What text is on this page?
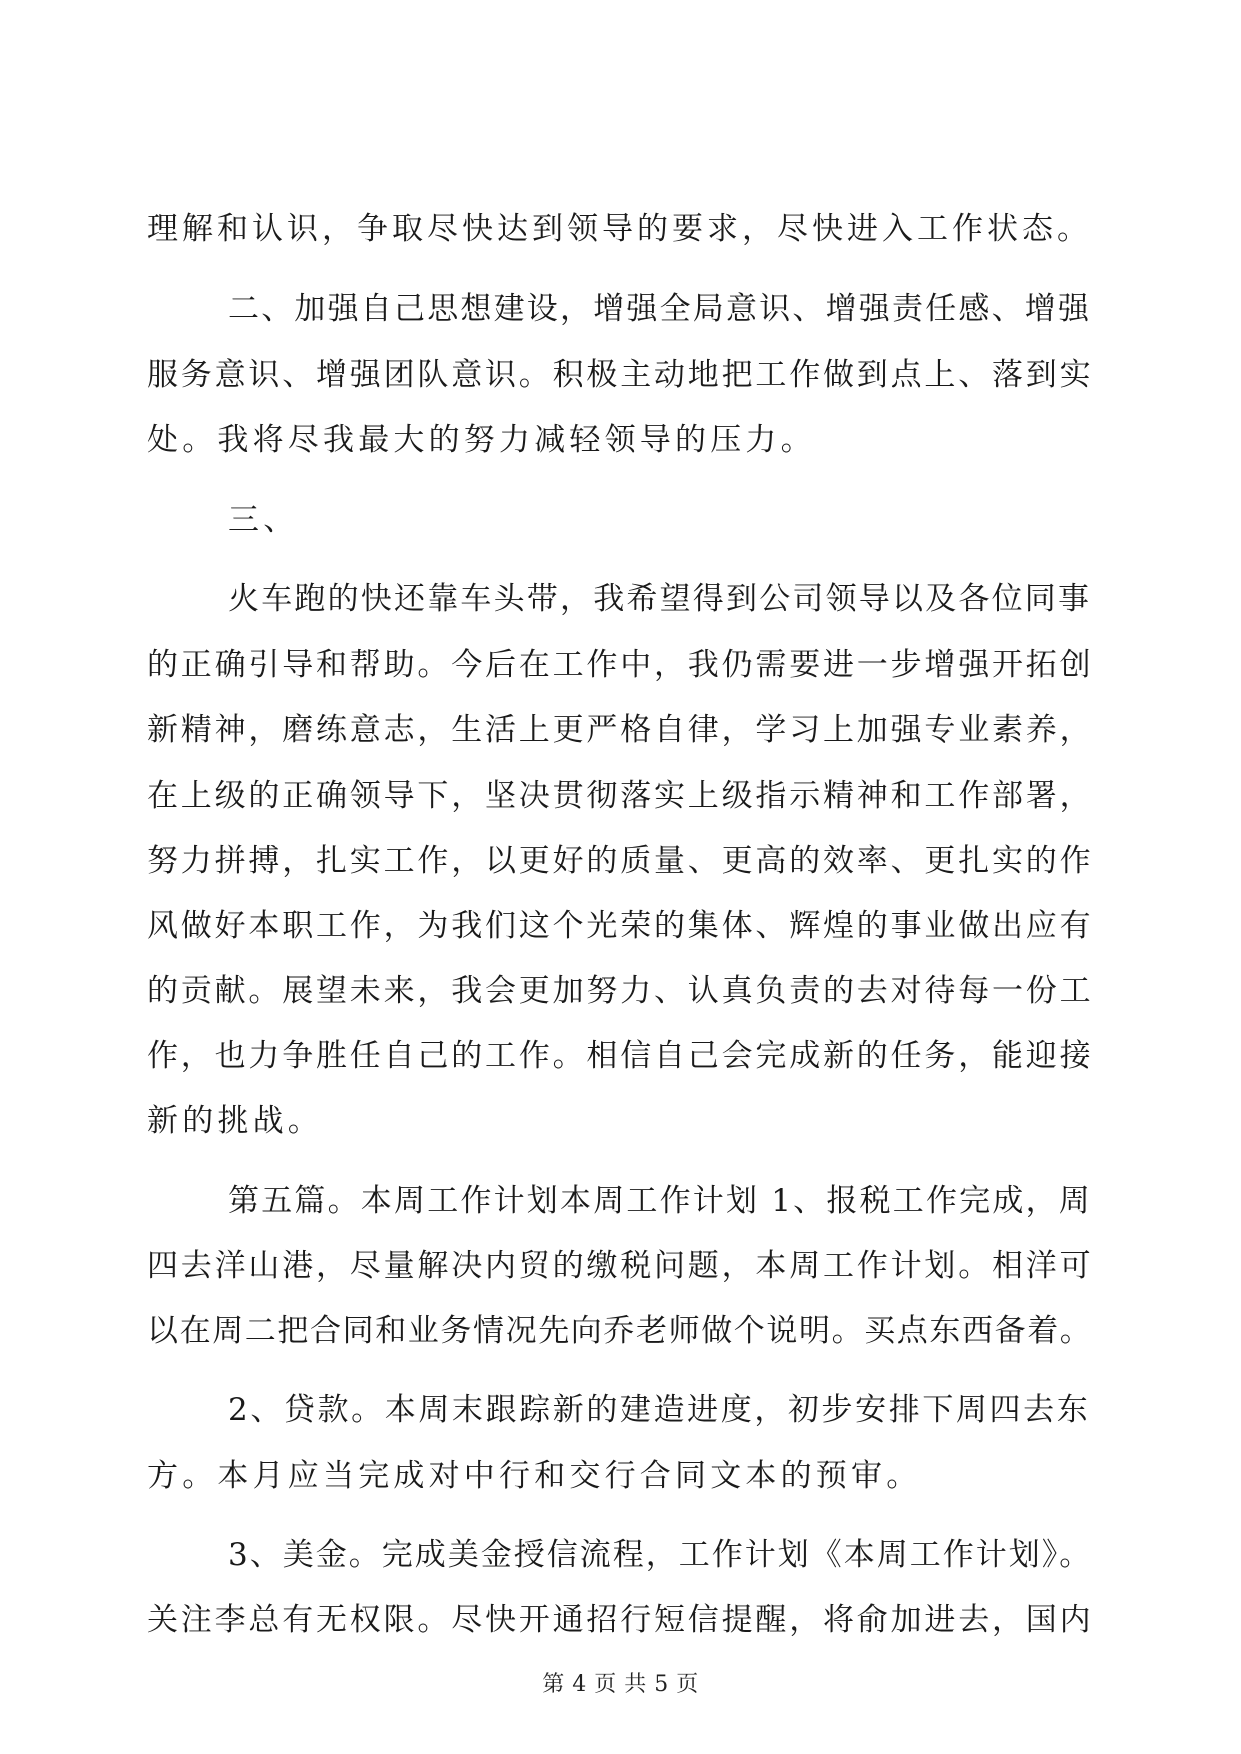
理解和认识，争取尽快达到领导的要求，尽快进入工作状态。
二、加强自己思想建设，增强全局意识、增强责任感、增强
服务意识、增强团队意识。积极主动地把工作做到点上、落到实
处。我将尽我最大的努力减轻领导的压力。
三、
火车跑的快还靠车头带，我希望得到公司领导以及各位同事
的正确引导和帮助。今后在工作中，我仍需要进一步增强开拓创
新精神，磨练意志，生活上更严格自律，学习上加强专业素养，
在上级的正确领导下，坚决贯彻落实上级指示精神和工作部署，
努力拼搏，扎实工作，以更好的质量、更高的效率、更扎实的作
风做好本职工作，为我们这个光荣的集体、辉煌的事业做出应有
的贡献。展望未来，我会更加努力、认真负责的去对待每一份工
作，也力争胜任自己的工作。相信自己会完成新的任务，能迎接
新的挑战。
第五篇。本周工作计划本周工作计划 1、报税工作完成，周
四去洋山港，尽量解决内贸的缴税问题，本周工作计划。相洋可
以在周二把合同和业务情况先向乔老师做个说明。买点东西备着。
2、贷款。本周末跟踪新的建造进度，初步安排下周四去东
方。本月应当完成对中行和交行合同文本的预审。
3、美金。完成美金授信流程，工作计划《本周工作计划》。
关注李总有无权限。尽快开通招行短信提醒，将俞加进去，国内
第 4 页 共 5 页
